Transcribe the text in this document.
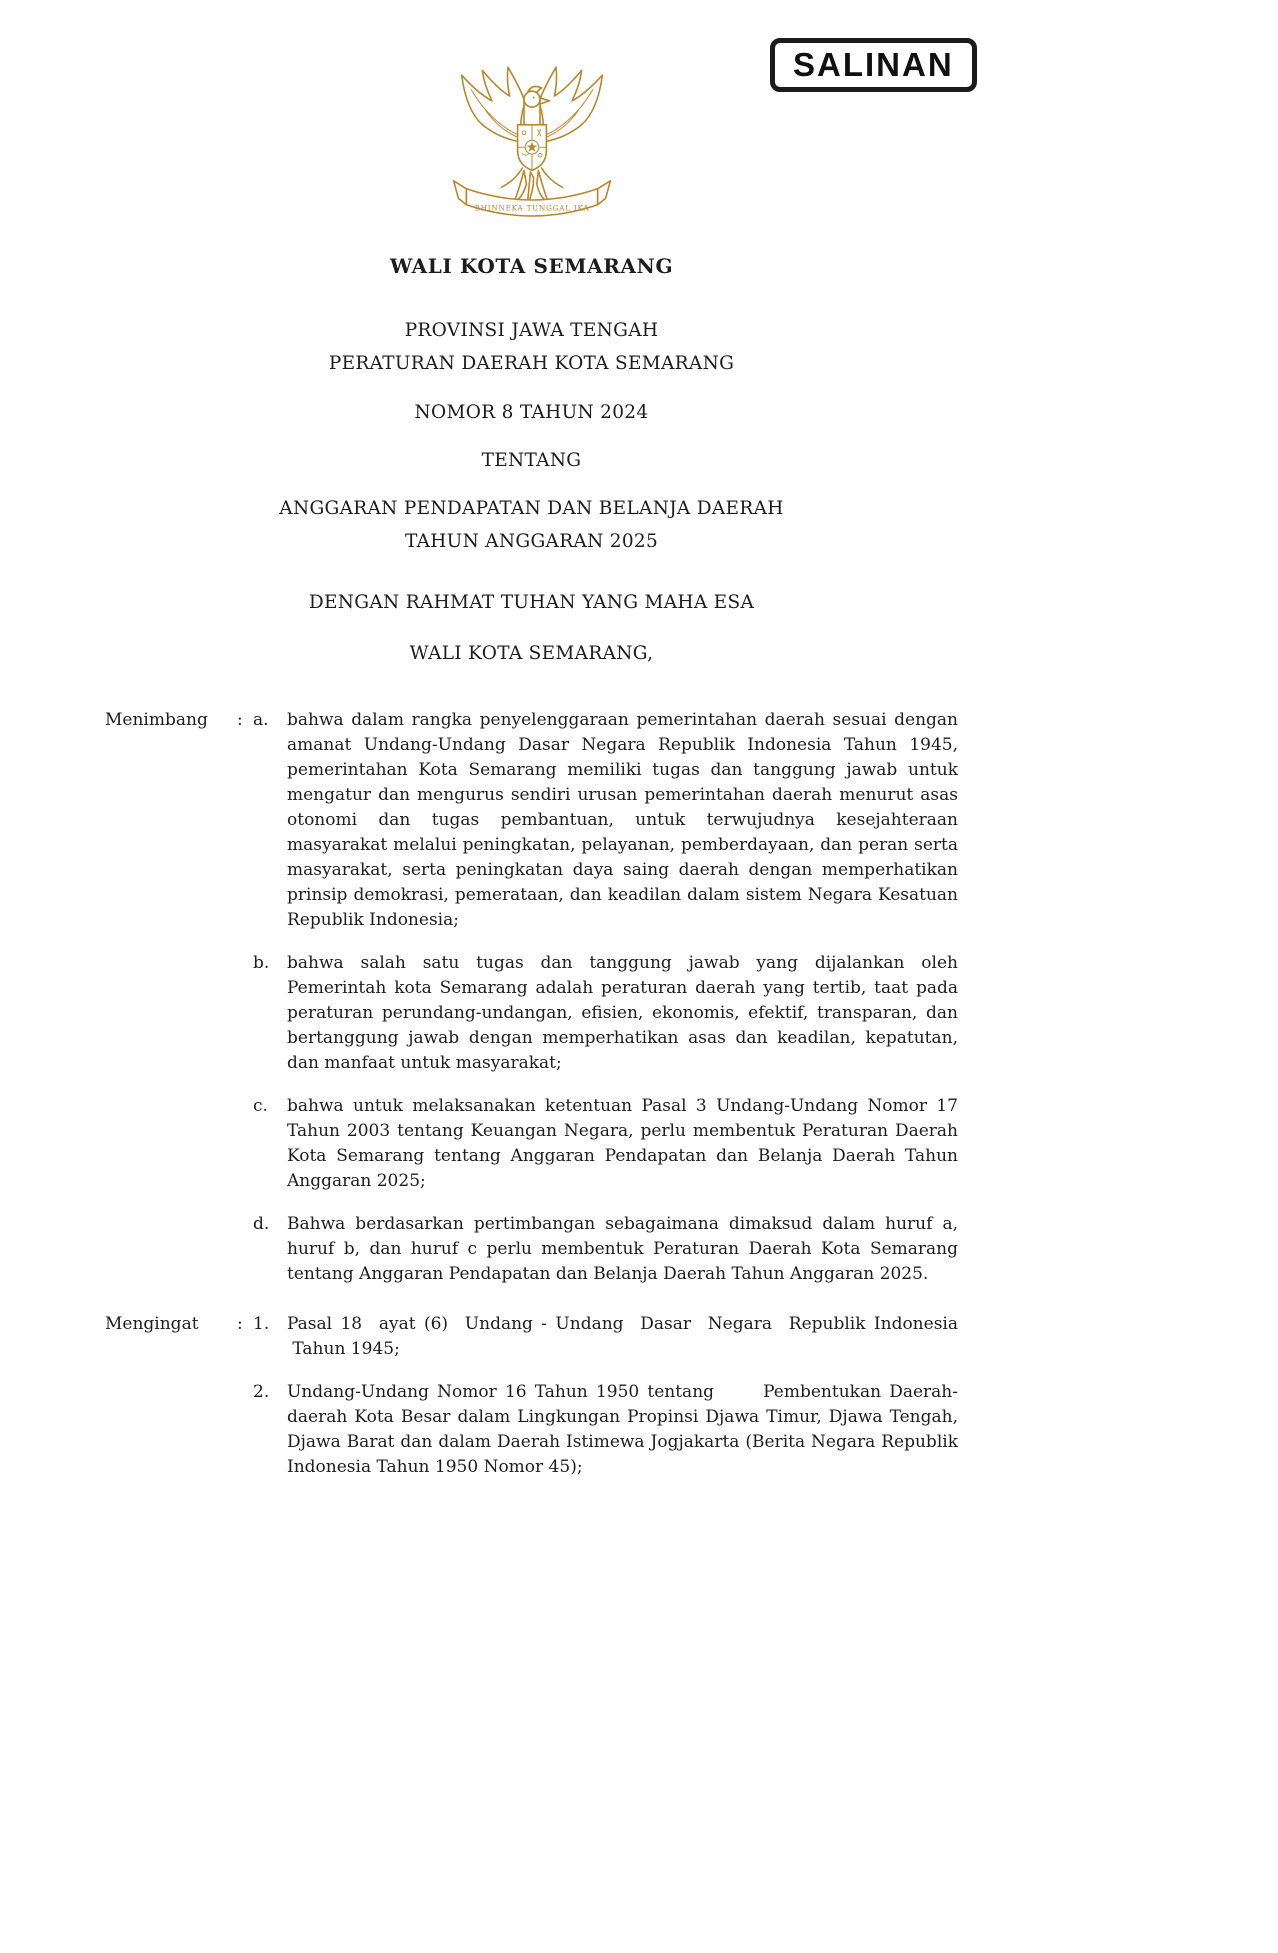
SALINAN
BHINNEKA TUNGGAL IKA
WALI KOTA SEMARANG

PROVINSI JAWA TENGAH

PERATURAN DAERAH KOTA SEMARANG

NOMOR 8 TAHUN 2024

TENTANG

ANGGARAN PENDAPATAN DAN BELANJA DAERAH

TAHUN ANGGARAN 2025

DENGAN RAHMAT TUHAN YANG MAHA ESA

WALI KOTA SEMARANG,

Menimbang	: a.	bahwa dalam rangka penyelenggaraan pemerintahan daerah sesuai dengan amanat Undang-Undang Dasar Negara Republik Indonesia Tahun 1945, pemerintahan Kota Semarang memiliki tugas dan tanggung jawab untuk mengatur dan mengurus sendiri urusan pemerintahan daerah menurut asas otonomi dan tugas pembantuan, untuk terwujudnya kesejahteraan masyarakat melalui peningkatan, pelayanan, pemberdayaan, dan peran serta masyarakat, serta peningkatan daya saing daerah dengan memperhatikan prinsip demokrasi, pemerataan, dan keadilan dalam sistem Negara Kesatuan Republik Indonesia;
b.	bahwa salah satu tugas dan tanggung jawab yang dijalankan oleh Pemerintah kota Semarang adalah peraturan daerah yang tertib, taat pada peraturan perundang-undangan, efisien, ekonomis, efektif, transparan, dan bertanggung jawab dengan memperhatikan asas dan keadilan, kepatutan, dan manfaat untuk masyarakat;
c.	bahwa untuk melaksanakan ketentuan Pasal 3 Undang-Undang Nomor 17 Tahun 2003 tentang Keuangan Negara, perlu membentuk Peraturan Daerah Kota Semarang tentang Anggaran Pendapatan dan Belanja Daerah Tahun Anggaran 2025;
d.	Bahwa berdasarkan pertimbangan sebagaimana dimaksud dalam huruf a, huruf b, dan huruf c perlu membentuk Peraturan Daerah Kota Semarang tentang Anggaran Pendapatan dan Belanja Daerah Tahun Anggaran 2025.
Mengingat	: 1.	Pasal 18  ayat (6)  Undang - Undang  Dasar  Negara  Republik Indonesia  Tahun 1945;
2.	Undang-Undang Nomor 16 Tahun 1950 tentang      Pembentukan Daerah-daerah Kota Besar dalam Lingkungan Propinsi Djawa Timur, Djawa Tengah, Djawa Barat dan dalam Daerah Istimewa Jogjakarta (Berita Negara Republik Indonesia Tahun 1950 Nomor 45);
